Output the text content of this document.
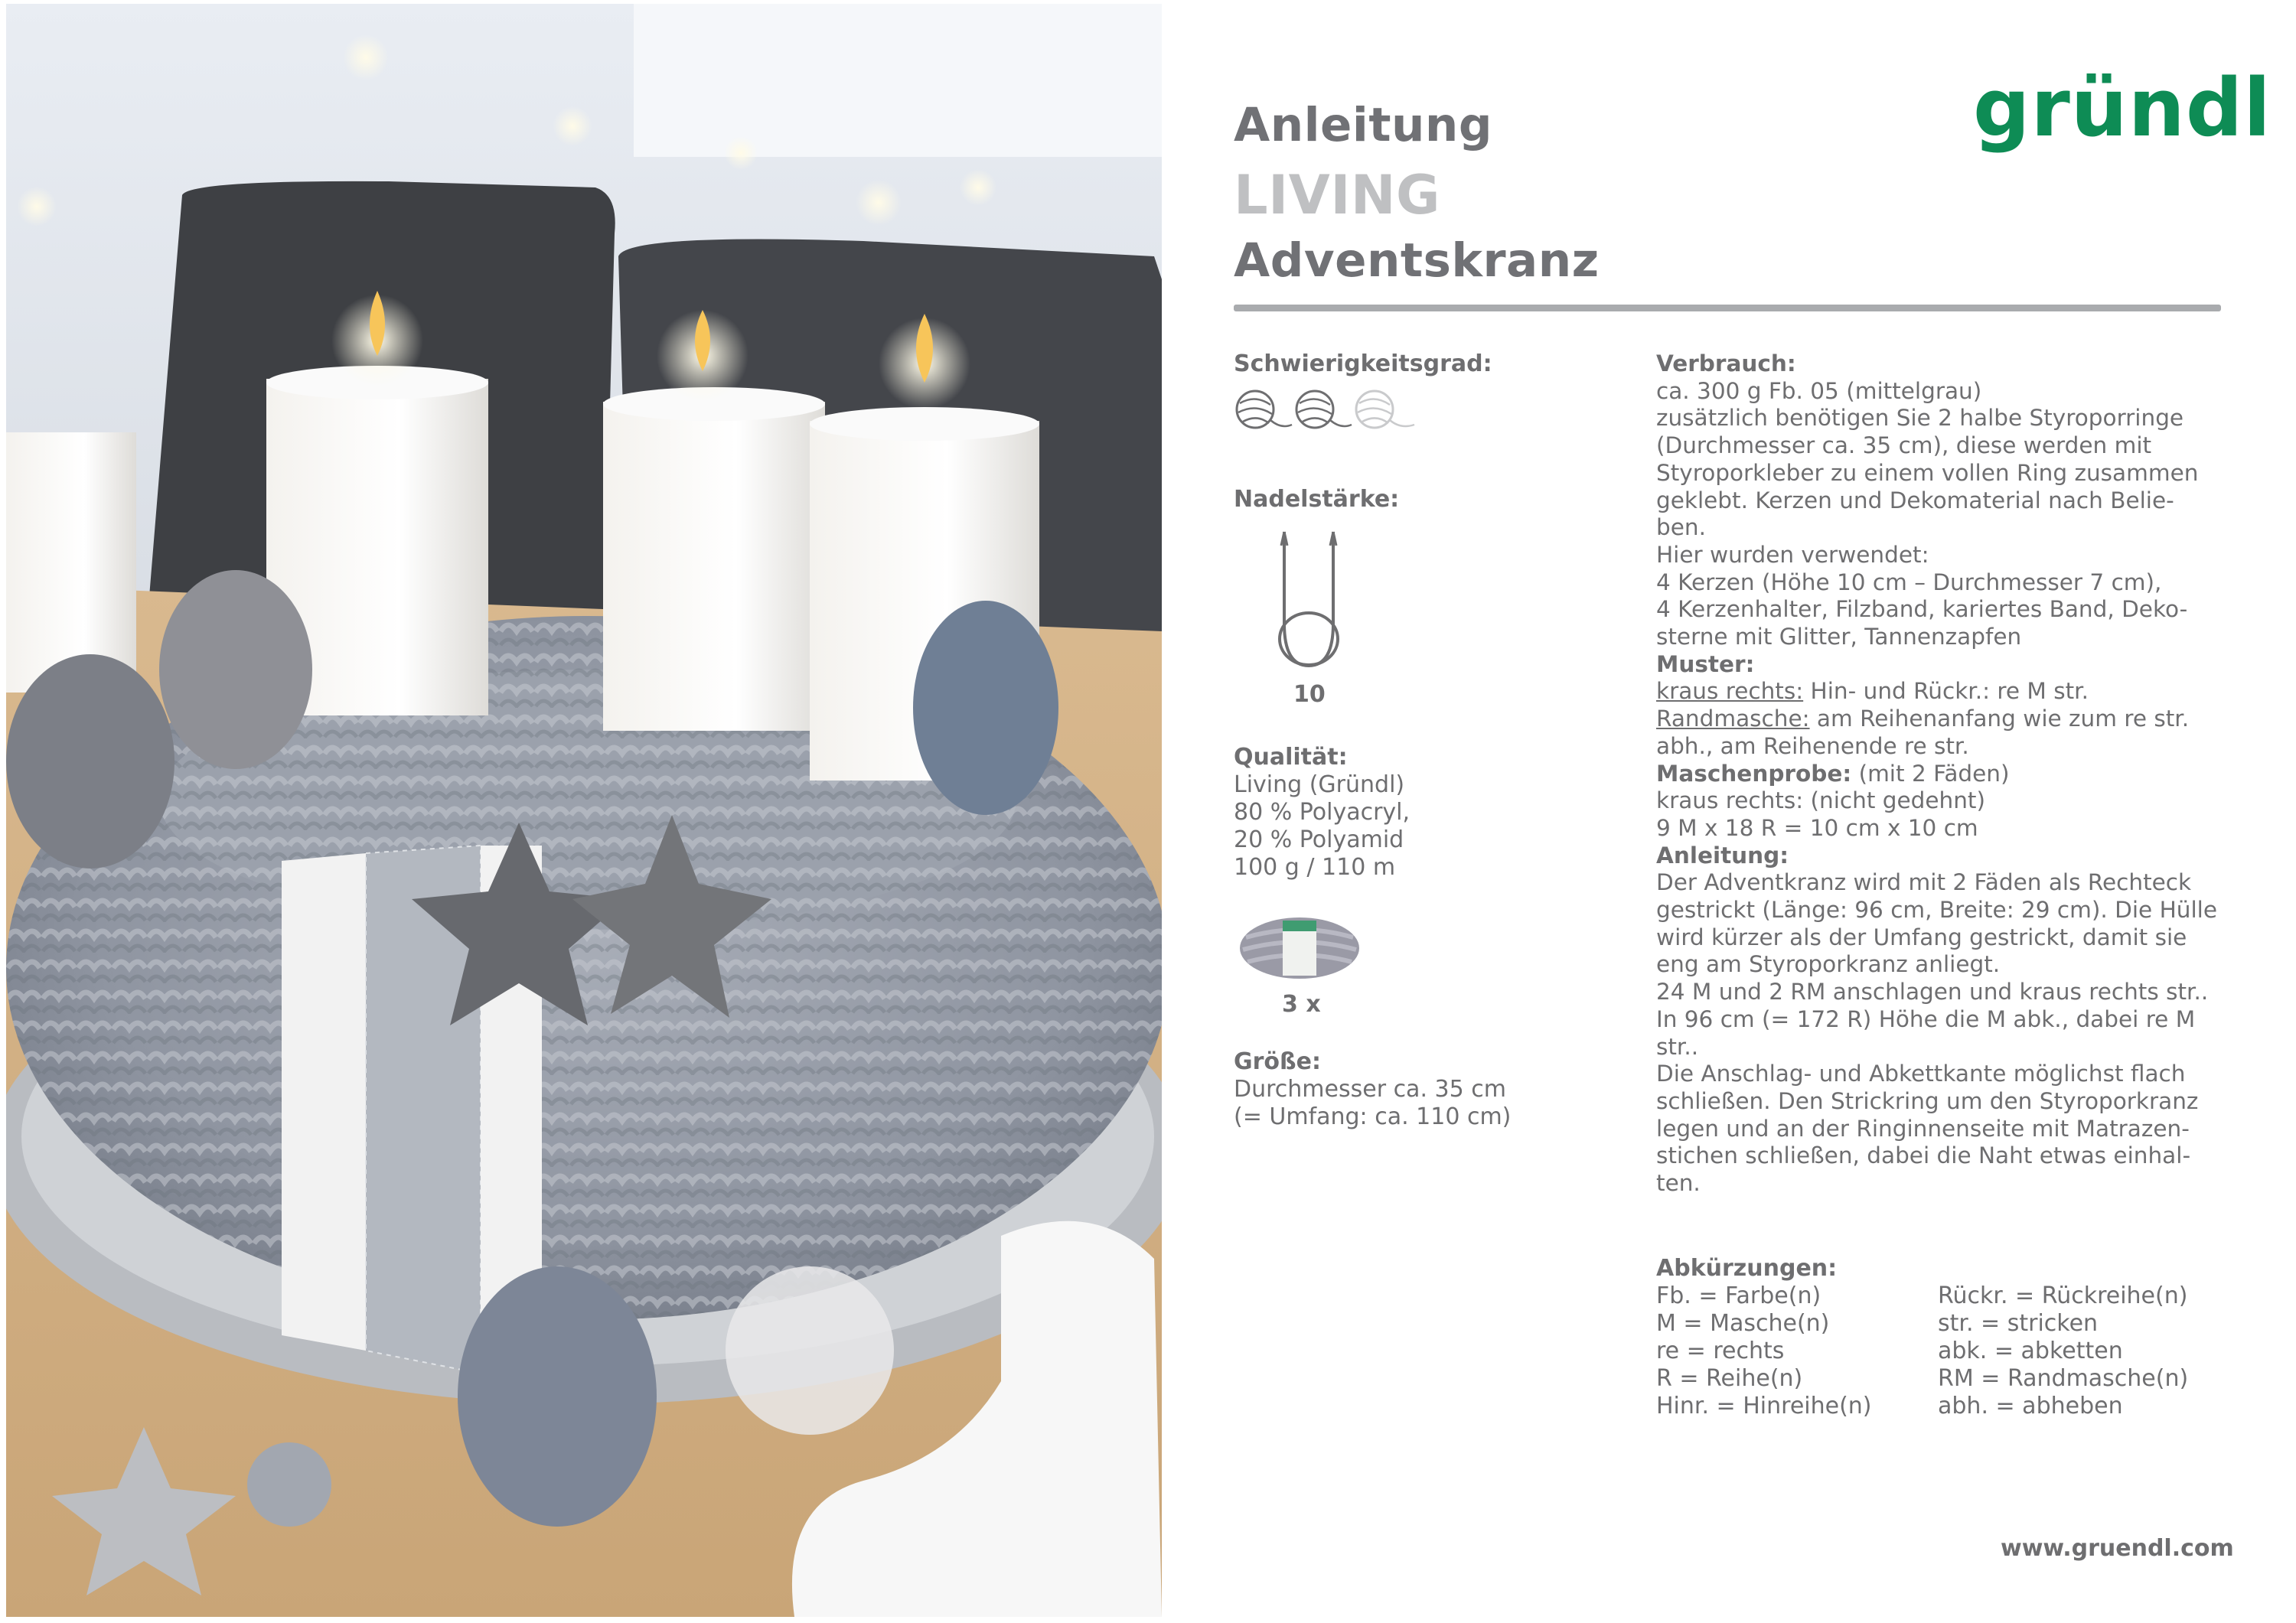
Anleitung
LIVING
Adventskranz
gründl
Schwierigkeitsgrad:
Nadelstärke:
10
Qualität:
Living (Gründl)
80 % Polyacryl,
20 % Polyamid
100 g / 110 m
3 x
Größe:
Durchmesser ca. 35 cm
(= Umfang: ca. 110 cm)
Verbrauch:
ca. 300 g Fb. 05 (mittelgrau)
zusätzlich benötigen Sie 2 halbe Styroporringe
(Durchmesser ca. 35 cm), diese werden mit
Styroporkleber zu einem vollen Ring zusammen
geklebt. Kerzen und Dekomaterial nach Belie-
ben.
Hier wurden verwendet:
4 Kerzen (Höhe 10 cm – Durchmesser 7 cm),
4 Kerzenhalter, Filzband, kariertes Band, Deko-
sterne mit Glitter, Tannenzapfen
Muster:
kraus rechts: Hin- und Rückr.: re M str.
Randmasche: am Reihenanfang wie zum re str.
abh., am Reihenende re str.
Maschenprobe: (mit 2 Fäden)
kraus rechts: (nicht gedehnt)
9 M x 18 R = 10 cm x 10 cm
Anleitung:
Der Adventkranz wird mit 2 Fäden als Rechteck
gestrickt (Länge: 96 cm, Breite: 29 cm). Die Hülle
wird kürzer als der Umfang gestrickt, damit sie
eng am Styroporkranz anliegt.
24 M und 2 RM anschlagen und kraus rechts str..
In 96 cm (= 172 R) Höhe die M abk., dabei re M
str..
Die Anschlag- und Abkettkante möglichst flach
schließen. Den Strickring um den Styroporkranz
legen und an der Ringinnenseite mit Matrazen-
stichen schließen, dabei die Naht etwas einhal-
ten.
Abkürzungen:
Fb. = Farbe(n)
M = Masche(n)
re = rechts
R = Reihe(n)
Hinr. = Hinreihe(n)
Rückr. = Rückreihe(n)
str. = stricken
abk. = abketten
RM = Randmasche(n)
abh. = abheben
www.gruendl.com
